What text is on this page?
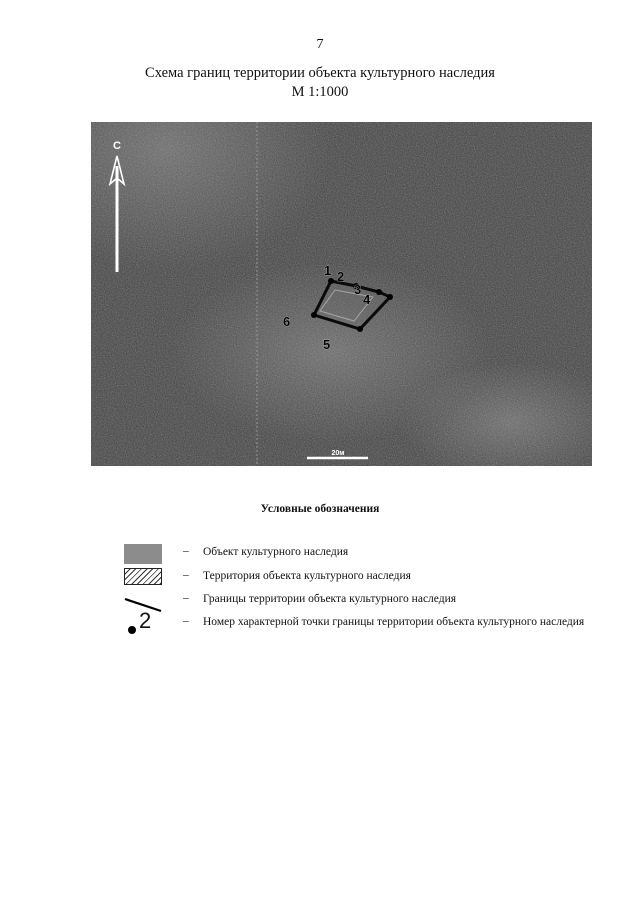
7
Схема границ территории объекта культурного наследия
М 1:1000
С
1 2
3
4
5
6
20м
Условные обозначения
– Объект культурного наследия
– Территория объекта культурного наследия
– Границы территории объекта культурного наследия
2	– Номер характерной точки границы территории объекта культурного наследия
